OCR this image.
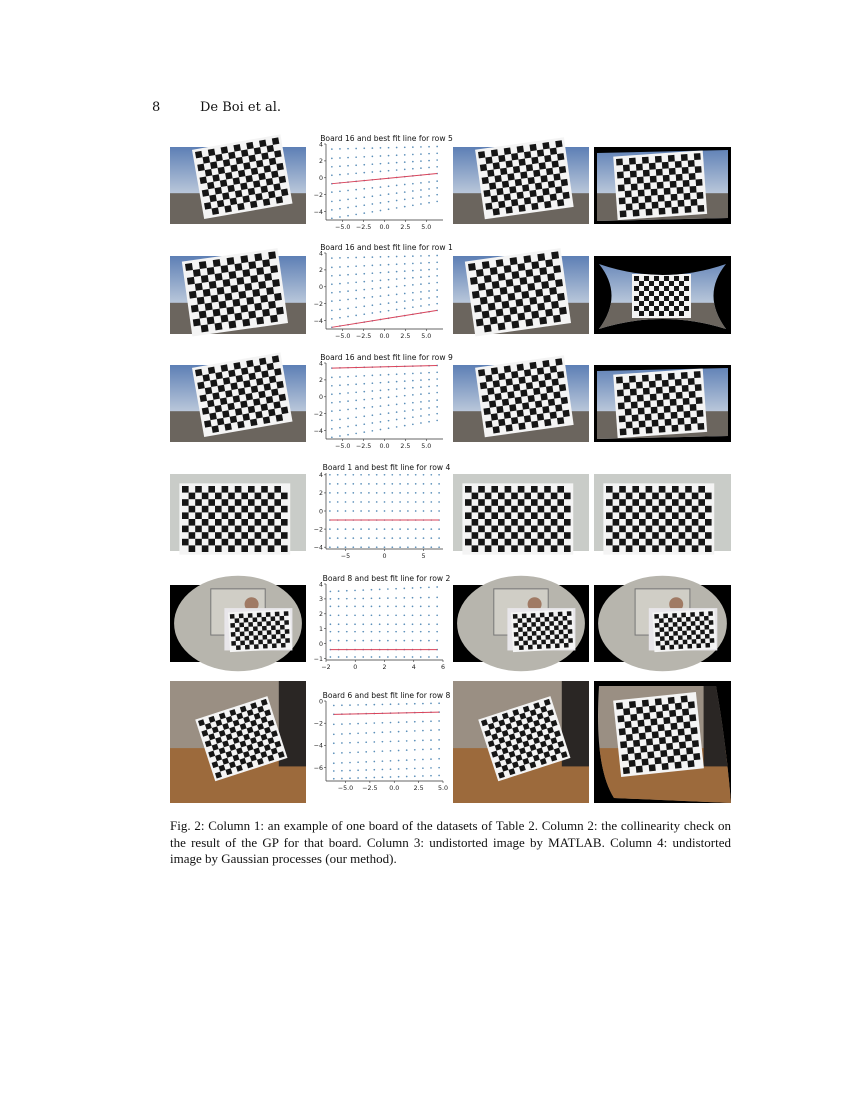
8	De Boi et al.
Board 16 and best fit line for row 5
4
2
0
−2
−4
−5.0 −2.5 0.0 2.5 5.0
Board 16 and best fit line for row 1
4
2
0
−2
−4
−5.0 −2.5 0.0 2.5 5.0
Board 16 and best fit line for row 9
4
2
0
−2
−4
−5.0 −2.5 0.0 2.5 5.0
Board 1 and best fit line for row 4
4
2
0
−2
−4
−5	0	5
Board 8 and best fit line for row 2
4
3
2
1
0
−1
−2	0	2	4	6
Board 6 and best fit line for row 8
0
−2
−4
−6
−5.0 −2.5 0.0 2.5 5.0
Fig. 2: Column 1: an example of one board of the datasets of Table 2. Column 2: the collinearity check on the result of the GP for that board. Column 3: undistorted image by MATLAB. Column 4: undistorted image by Gaussian processes (our method).
